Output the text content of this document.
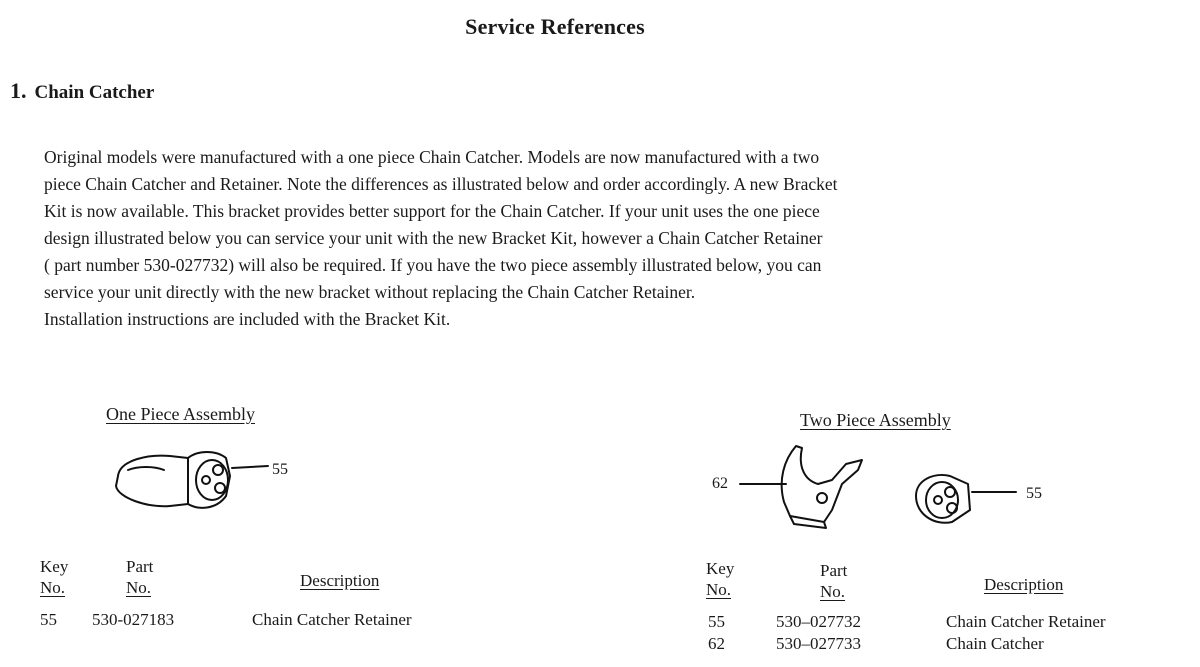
Service References
1. Chain Catcher
Original models were manufactured with a one piece Chain Catcher. Models are now manufactured with a two
piece Chain Catcher and Retainer. Note the differences as illustrated below and order accordingly. A new Bracket
Kit is now available. This bracket provides better support for the Chain Catcher. If your unit uses the one piece
design illustrated below you can service your unit with the new Bracket Kit, however a Chain Catcher Retainer
( part number 530-027732) will also be required. If you have the two piece assembly illustrated below, you can
service your unit directly with the new bracket without replacing the Chain Catcher Retainer.
Installation instructions are included with the Bracket Kit.
One Piece Assembly
55
Key
No.
Part
No.	Description
55 530-027183	Chain Catcher Retainer
Two Piece Assembly
62
55
Key
No.
Part
No.	Description
55	530–027732	Chain Catcher Retainer
62	530–027733	Chain Catcher
